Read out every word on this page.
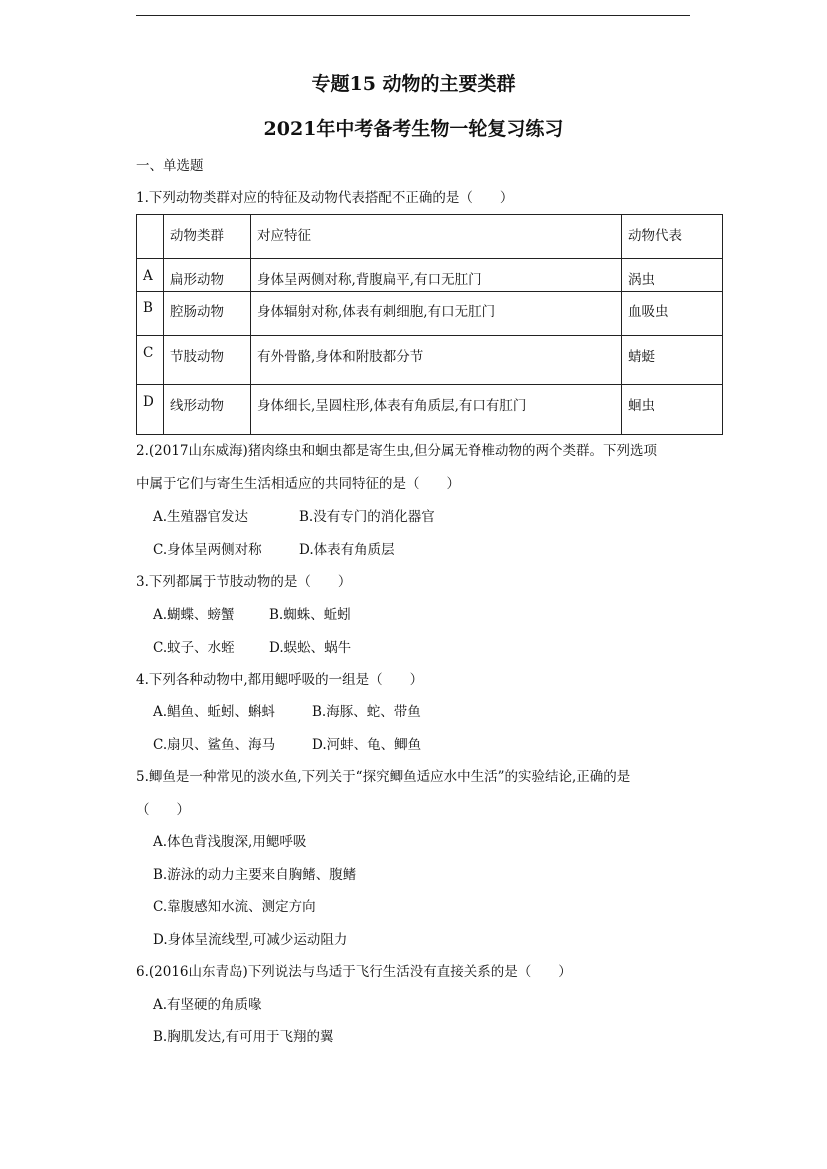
专题15 动物的主要类群
2021年中考备考生物一轮复习练习
一、单选题
1.下列动物类群对应的特征及动物代表搭配不正确的是（　　）
	动物类群	对应特征	动物代表
A	扁形动物	身体呈两侧对称,背腹扁平,有口无肛门	涡虫
B	腔肠动物	身体辐射对称,体表有刺细胞,有口无肛门	血吸虫
C	节肢动物	有外骨骼,身体和附肢都分节	蜻蜓
D	线形动物	身体细长,呈圆柱形,体表有角质层,有口有肛门	蛔虫
2.(2017山东威海)猪肉绦虫和蛔虫都是寄生虫,但分属无脊椎动物的两个类群。下列选项
中属于它们与寄生生活相适应的共同特征的是（　　）
A.生殖器官发达	B.没有专门的消化器官
C.身体呈两侧对称	D.体表有角质层
3.下列都属于节肢动物的是（　　）
A.蝴蝶、螃蟹	B.蜘蛛、蚯蚓
C.蚊子、水蛭	D.蜈蚣、蜗牛
4.下列各种动物中,都用鳃呼吸的一组是（　　）
A.鲳鱼、蚯蚓、蝌蚪	B.海豚、蛇、带鱼
C.扇贝、鲨鱼、海马	D.河蚌、龟、鲫鱼
5.鲫鱼是一种常见的淡水鱼,下列关于“探究鲫鱼适应水中生活”的实验结论,正确的是
（　　）
A.体色背浅腹深,用鳃呼吸
B.游泳的动力主要来自胸鳍、腹鳍
C.靠腹感知水流、测定方向
D.身体呈流线型,可减少运动阻力
6.(2016山东青岛)下列说法与鸟适于飞行生活没有直接关系的是（　　）
A.有坚硬的角质喙
B.胸肌发达,有可用于飞翔的翼
